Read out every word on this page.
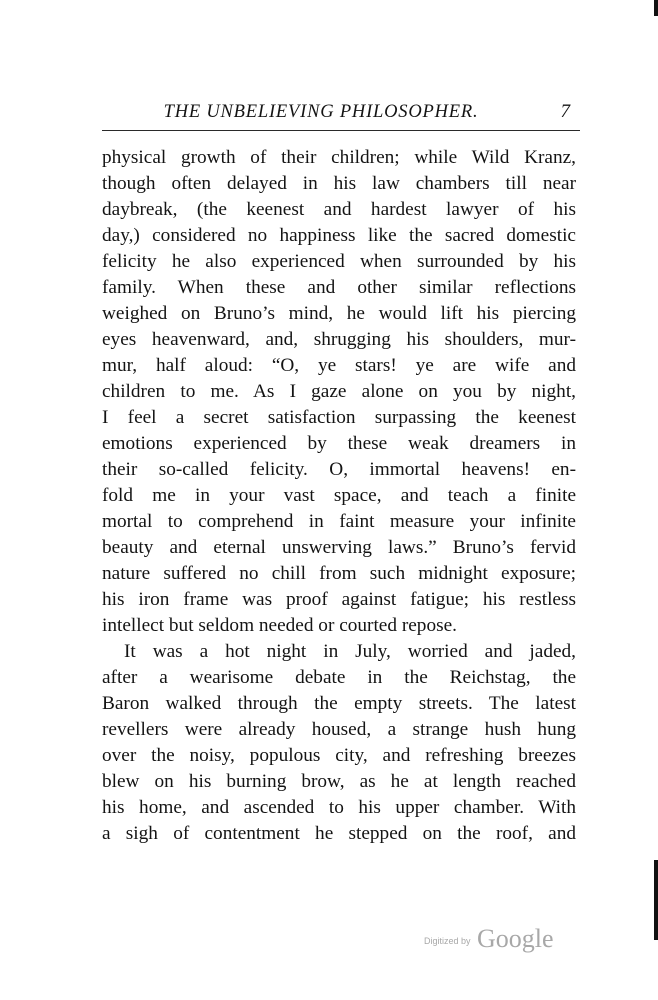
THE UNBELIEVING PHILOSOPHER.	7
physical growth of their children; while Wild Kranz,
though often delayed in his law chambers till near
daybreak, (the keenest and hardest lawyer of his
day,) considered no happiness like the sacred domestic
felicity he also experienced when surrounded by his
family. When these and other similar reflections
weighed on Bruno’s mind, he would lift his piercing
eyes heavenward, and, shrugging his shoulders, mur-
mur, half aloud: “O, ye stars! ye are wife and
children to me. As I gaze alone on you by night,
I feel a secret satisfaction surpassing the keenest
emotions experienced by these weak dreamers in
their so-called felicity. O, immortal heavens! en-
fold me in your vast space, and teach a finite
mortal to comprehend in faint measure your infinite
beauty and eternal unswerving laws.” Bruno’s fervid
nature suffered no chill from such midnight exposure;
his iron frame was proof against fatigue; his restless
intellect but seldom needed or courted repose.
It was a hot night in July, worried and jaded,
after a wearisome debate in the Reichstag, the
Baron walked through the empty streets. The latest
revellers were already housed, a strange hush hung
over the noisy, populous city, and refreshing breezes
blew on his burning brow, as he at length reached
his home, and ascended to his upper chamber. With
a sigh of contentment he stepped on the roof, and
Digitized by Google
